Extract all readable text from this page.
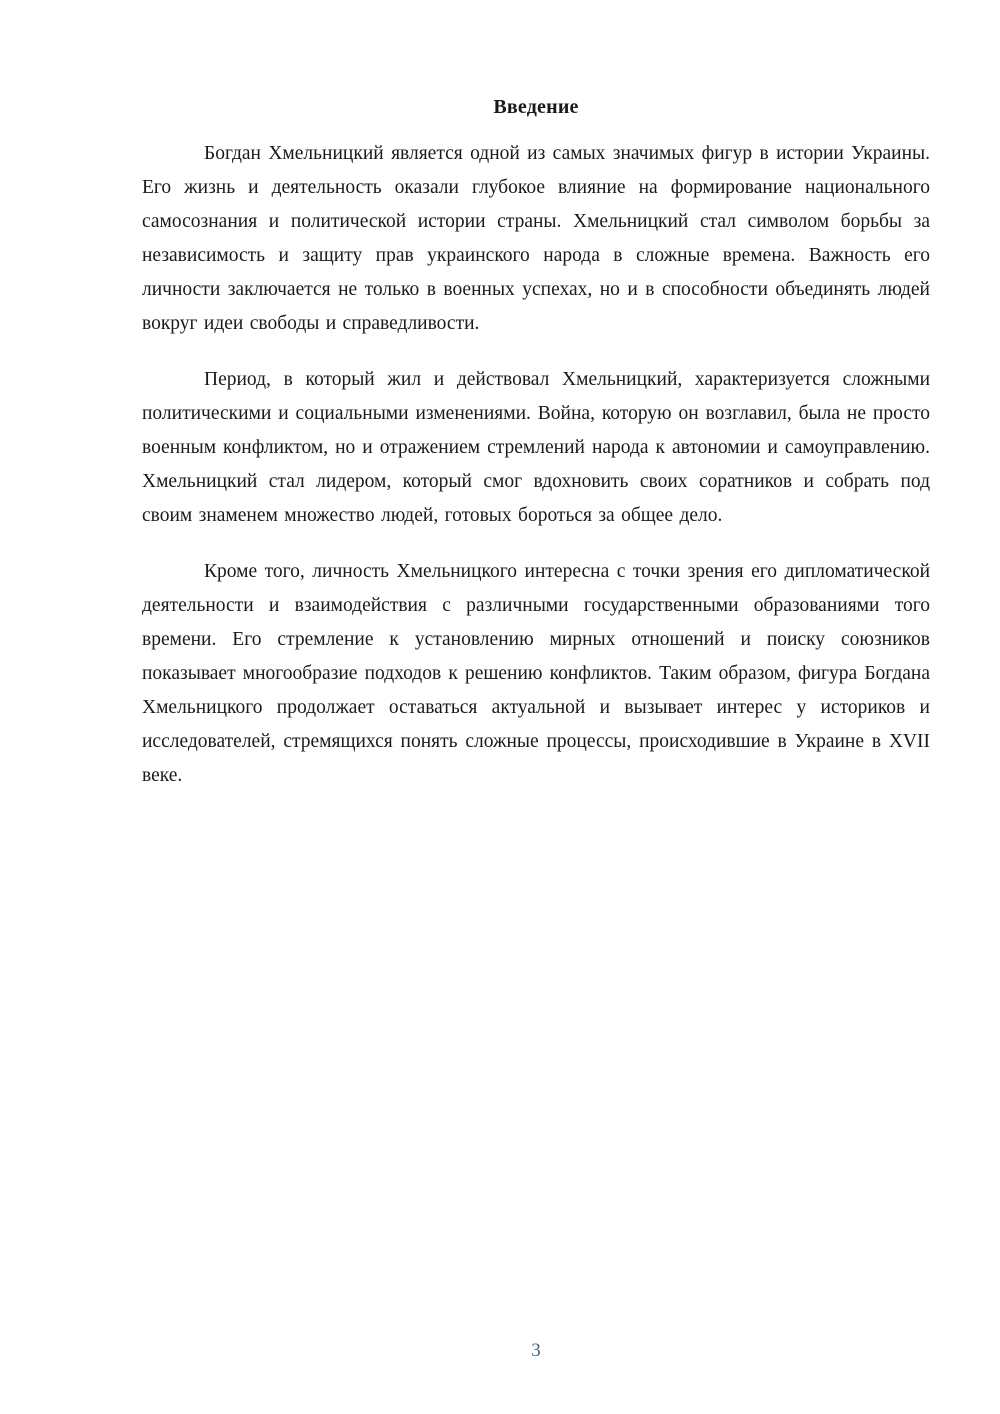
Введение

Богдан Хмельницкий является одной из самых значимых фигур в истории Украины. Его жизнь и деятельность оказали глубокое влияние на формирование национального самосознания и политической истории страны. Хмельницкий стал символом борьбы за независимость и защиту прав украинского народа в сложные времена. Важность его личности заключается не только в военных успехах, но и в способности объединять людей вокруг идеи свободы и справедливости.

Период, в который жил и действовал Хмельницкий, характеризуется сложными политическими и социальными изменениями. Война, которую он возглавил, была не просто военным конфликтом, но и отражением стремлений народа к автономии и самоуправлению. Хмельницкий стал лидером, который смог вдохновить своих соратников и собрать под своим знаменем множество людей, готовых бороться за общее дело.

Кроме того, личность Хмельницкого интересна с точки зрения его дипломатической деятельности и взаимодействия с различными государственными образованиями того времени. Его стремление к установлению мирных отношений и поиску союзников показывает многообразие подходов к решению конфликтов. Таким образом, фигура Богдана Хмельницкого продолжает оставаться актуальной и вызывает интерес у историков и исследователей, стремящихся понять сложные процессы, происходившие в Украине в XVII веке.

3
